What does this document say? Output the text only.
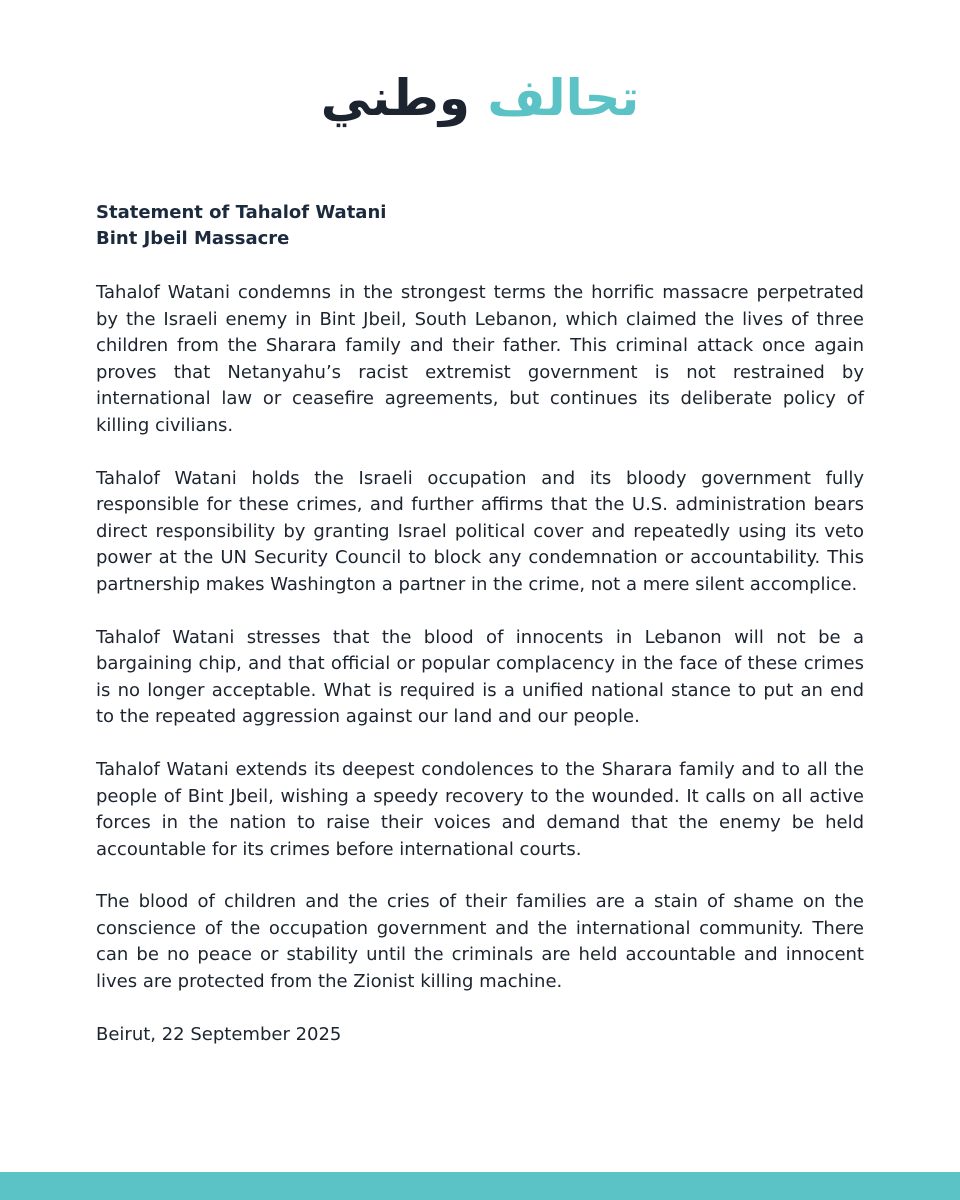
تحالف وطني
Statement of Tahalof Watani
Bint Jbeil Massacre

Tahalof Watani condemns in the strongest terms the horrific massacre perpetrated by the Israeli enemy in Bint Jbeil, South Lebanon, which claimed the lives of three children from the Sharara family and their father. This criminal attack once again proves that Netanyahu’s racist extremist government is not restrained by international law or ceasefire agreements, but continues its deliberate policy of killing civilians.

Tahalof Watani holds the Israeli occupation and its bloody government fully responsible for these crimes, and further affirms that the U.S. administration bears direct responsibility by granting Israel political cover and repeatedly using its veto power at the UN Security Council to block any condemnation or accountability. This partnership makes Washington a partner in the crime, not a mere silent accomplice.

Tahalof Watani stresses that the blood of innocents in Lebanon will not be a bargaining chip, and that official or popular complacency in the face of these crimes is no longer acceptable. What is required is a unified national stance to put an end to the repeated aggression against our land and our people.

Tahalof Watani extends its deepest condolences to the Sharara family and to all the people of Bint Jbeil, wishing a speedy recovery to the wounded. It calls on all active forces in the nation to raise their voices and demand that the enemy be held accountable for its crimes before international courts.

The blood of children and the cries of their families are a stain of shame on the conscience of the occupation government and the international community. There can be no peace or stability until the criminals are held accountable and innocent lives are protected from the Zionist killing machine.

Beirut, 22 September 2025
